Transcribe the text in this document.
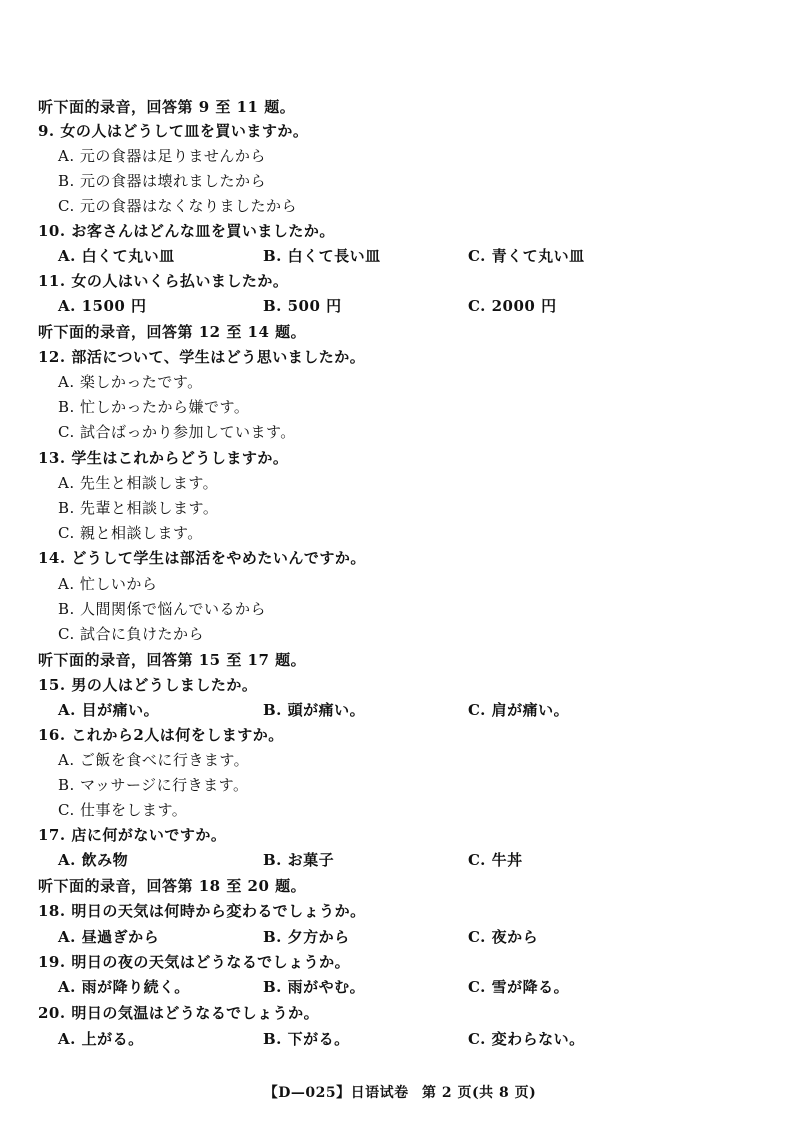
听下面的录音，回答第 9 至 11 题。
9. 女の人はどうして皿を買いますか。
A. 元の食器は足りませんから
B. 元の食器は壊れましたから
C. 元の食器はなくなりましたから
10. お客さんはどんな皿を買いましたか。
A. 白くて丸い皿	B. 白くて長い皿	C. 青くて丸い皿
11. 女の人はいくら払いましたか。
A. 1500 円	B. 500 円	C. 2000 円
听下面的录音，回答第 12 至 14 题。
12. 部活について、学生はどう思いましたか。
A. 楽しかったです。
B. 忙しかったから嫌です。
C. 試合ばっかり参加しています。
13. 学生はこれからどうしますか。
A. 先生と相談します。
B. 先輩と相談します。
C. 親と相談します。
14. どうして学生は部活をやめたいんですか。
A. 忙しいから
B. 人間関係で悩んでいるから
C. 試合に負けたから
听下面的录音，回答第 15 至 17 题。
15. 男の人はどうしましたか。
A. 目が痛い。	B. 頭が痛い。	C. 肩が痛い。
16. これから2人は何をしますか。
A. ご飯を食べに行きます。
B. マッサージに行きます。
C. 仕事をします。
17. 店に何がないですか。
A. 飲み物	B. お菓子	C. 牛丼
听下面的录音，回答第 18 至 20 题。
18. 明日の天気は何時から変わるでしょうか。
A. 昼過ぎから	B. 夕方から	C. 夜から
19. 明日の夜の天気はどうなるでしょうか。
A. 雨が降り続く。	B. 雨がやむ。	C. 雪が降る。
20. 明日の気温はどうなるでしょうか。
A. 上がる。	B. 下がる。	C. 変わらない。
【D—025】日语试卷 第 2 页(共 8 页)
